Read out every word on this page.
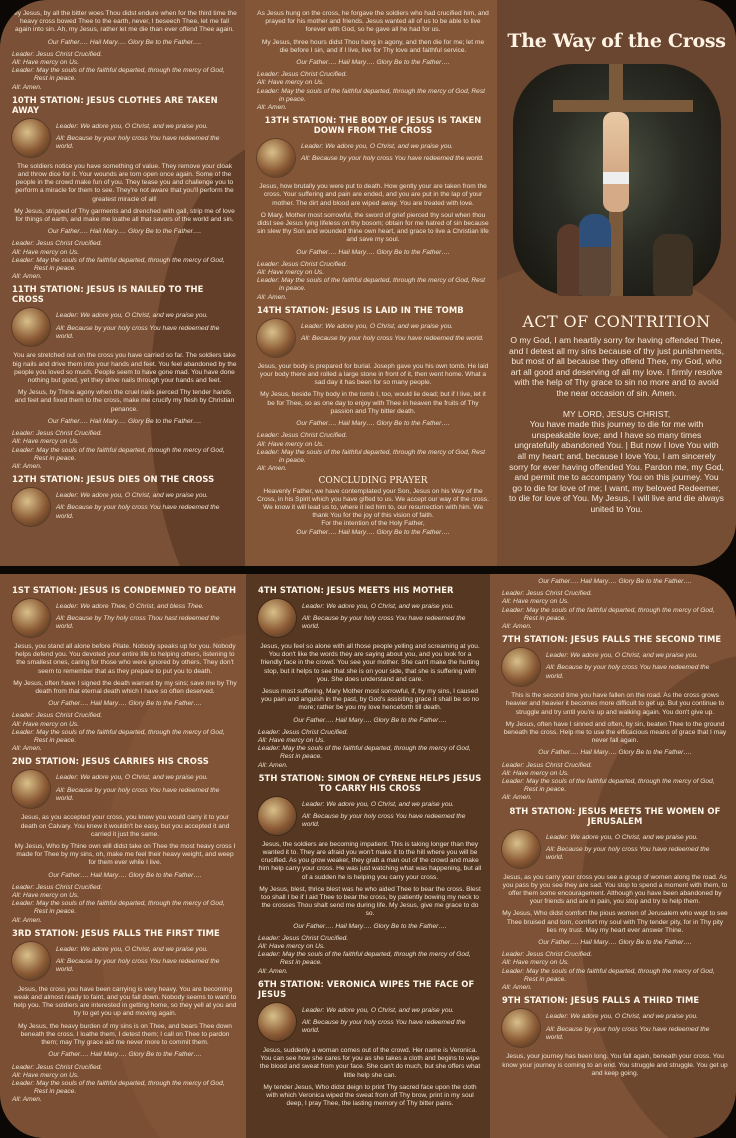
My Jesus, by all the bitter woes Thou didst endure when for the third time the heavy cross bowed Thee to the earth, never, I beseech Thee, let me fall again into sin. Ah, my Jesus, rather let me die than ever offend Thee again.

Our Father…. Hail Mary…. Glory Be to the Father….

Leader: Jesus Christ Crucified.
All: Have mercy on Us.
Leader: May the souls of the faithful departed, through the mercy of God, Rest in peace.
All: Amen.
10TH STATION: JESUS CLOTHES ARE TAKEN AWAY
Leader: We adore you, O Christ, and we praise you.
All: Because by your holy cross You have redeemed the world.

The soldiers notice you have something of value. They remove your cloak and throw dice for it. Your wounds are torn open once again. Some of the people in the crowd make fun of you. They tease you and challenge you to perform a miracle for them to see. They're not aware that you'll perform the greatest miracle of all!

My Jesus, stripped of Thy garments and drenched with gall, strip me of love for things of earth, and make me loathe all that savors of the world and sin.

Our Father…. Hail Mary…. Glory Be to the Father….

Leader: Jesus Christ Crucified.
All: Have mercy on Us.
Leader: May the souls of the faithful departed, through the mercy of God, Rest in peace.
All: Amen.
11TH STATION: JESUS IS NAILED TO THE CROSS
Leader: We adore you, O Christ, and we praise you.
All: Because by your holy cross You have redeemed the world.

You are stretched out on the cross you have carried so far. The soldiers take big nails and drive them into your hands and feet. You feel abandoned by the people you loved so much. People seem to have gone mad. You have done nothing but good, yet they drive nails through your hands and feet.

My Jesus, by Thine agony when the cruel nails pierced Thy tender hands and feet and fixed them to the cross, make me crucify my flesh by Christian penance.

Our Father…. Hail Mary…. Glory Be to the Father….

Leader: Jesus Christ Crucified.
All: Have mercy on Us.
Leader: May the souls of the faithful departed, through the mercy of God, Rest in peace.
All: Amen.
12TH STATION: JESUS DIES ON THE CROSS
Leader: We adore you, O Christ, and we praise you.
All: Because by your holy cross You have redeemed the world.

As Jesus hung on the cross, he forgave the soldiers who had crucified him, and prayed for his mother and friends. Jesus wanted all of us to be able to live forever with God, so he gave all he had for us.

My Jesus, three hours didst Thou hang in agony, and then die for me; let me die before I sin, and if I live, live for Thy love and faithful service.

Our Father…. Hail Mary…. Glory Be to the Father….

Leader: Jesus Christ Crucified.
All: Have mercy on Us.
Leader: May the souls of the faithful departed, through the mercy of God, Rest in peace.
All: Amen.
13TH STATION: THE BODY OF JESUS IS TAKEN DOWN FROM THE CROSS
Leader: We adore you, O Christ, and we praise you.
All: Because by your holy cross You have redeemed the world.

Jesus, how brutally you were put to death. How gently your are taken from the cross. Your suffering and pain are ended, and you are put in the lap of your mother. The dirt and blood are wiped away. You are treated with love.

O Mary, Mother most sorrowful, the sword of grief pierced thy soul when thou didst see Jesus lying lifeless on thy bosom; obtain for me hatred of sin because sin slew thy Son and wounded thine own heart, and grace to live a Christian life and save my soul.

Our Father…. Hail Mary…. Glory Be to the Father….

Leader: Jesus Christ Crucified.
All: Have mercy on Us.
Leader: May the souls of the faithful departed, through the mercy of God, Rest in peace.
All: Amen.
14TH STATION: JESUS IS LAID IN THE TOMB
Leader: We adore you, O Christ, and we praise you.
All: Because by your holy cross You have redeemed the world.

Jesus, your body is prepared for burial. Joseph gave you his own tomb. He laid your body there and rolled a large stone in front of it, then went home. What a sad day it has been for so many people.

My Jesus, beside Thy body in the tomb I, too, would lie dead; but if I live, let it be for Thee, so as one day to enjoy with Thee in heaven the fruits of Thy passion and Thy bitter death.

Our Father…. Hail Mary…. Glory Be to the Father….

Leader: Jesus Christ Crucified.
All: Have mercy on Us.
Leader: May the souls of the faithful departed, through the mercy of God, Rest in peace.
All: Amen.
CONCLUDING PRAYER

Heavenly Father, we have contemplated your Son, Jesus on his Way of the Cross, in his Spirit which you have gifted to us. We accept our way of the cross. We know it will lead us to, where it led him to, our resurrection with him. We thank You for the joy of this vision of faith.

For the intention of the Holy Father,

Our Father…. Hail Mary…. Glory Be to the Father….

The Way of the Cross
ACT OF CONTRITION

O my God, I am heartily sorry for having offended Thee, and I detest all my sins because of thy just punishments, but most of all because they offend Thee, my God, who art all good and deserving of all my love. I firmly resolve with the help of Thy grace to sin no more and to avoid the near occasion of sin. Amen.

MY LORD, JESUS CHRIST,
You have made this journey to die for me with unspeakable love; and I have so many times ungratefully abandoned You. | But now I love You with all my heart; and, because I love You, I am sincerely sorry for ever having offended You. Pardon me, my God, and permit me to accompany You on this journey. You go to die for love of me; I want, my beloved Redeemer, to die for love of You. My Jesus, I will live and die always united to You.
1ST STATION: JESUS IS CONDEMNED TO DEATH
Leader: We adore Thee, O Christ, and bless Thee.
All: Because by Thy holy cross Thou hast redeemed the world.

Jesus, you stand all alone before Pilate. Nobody speaks up for you. Nobody helps defend you. You devoted your entire life to helping others, listening to the smallest ones, caring for those who were ignored by others. They don't seem to remember that as they prepare to put you to death.

My Jesus, often have I signed the death warrant by my sins; save me by Thy death from that eternal death which I have so often deserved.

Our Father…. Hail Mary…. Glory Be to the Father….

Leader: Jesus Christ Crucified.
All: Have mercy on Us.
Leader: May the souls of the faithful departed, through the mercy of God, Rest in peace.
All: Amen.
2ND STATION: JESUS CARRIES HIS CROSS
Leader: We adore you, O Christ, and we praise you.
All: Because by your holy cross You have redeemed the world.

Jesus, as you accepted your cross, you knew you would carry it to your death on Calvary. You knew it wouldn't be easy, but you accepted it and carried it just the same.

My Jesus, Who by Thine own will didst take on Thee the most heavy cross I made for Thee by my sins, oh, make me feel their heavy weight, and weep for them ever while I live.

Our Father…. Hail Mary…. Glory Be to the Father….

Leader: Jesus Christ Crucified.
All: Have mercy on Us.
Leader: May the souls of the faithful departed, through the mercy of God, Rest in peace.
All: Amen.
3RD STATION: JESUS FALLS THE FIRST TIME
Leader: We adore you, O Christ, and we praise you.
All: Because by your holy cross You have redeemed the world.

Jesus, the cross you have been carrying is very heavy. You are becoming weak and almost ready to faint, and you fall down. Nobody seems to want to help you. The soldiers are interested in getting home, so they yell at you and try to get you up and moving again.

My Jesus, the heavy burden of my sins is on Thee, and bears Thee down beneath the cross. I loathe them, I detest them; I call on Thee to pardon them; may Thy grace aid me never more to commit them.

Our Father…. Hail Mary…. Glory Be to the Father….

Leader: Jesus Christ Crucified.
All: Have mercy on Us.
Leader: May the souls of the faithful departed, through the mercy of God, Rest in peace.
All: Amen.
4TH STATION: JESUS MEETS HIS MOTHER
Leader: We adore you, O Christ, and we praise you.
All: Because by your holy cross You have redeemed the world.

Jesus, you feel so alone with all those people yelling and screaming at you. You don't like the words they are saying about you, and you look for a friendly face in the crowd. You see your mother. She can't make the hurting stop, but it helps to see that she is on your side, that she is suffering with you. She does understand and care.

Jesus most suffering, Mary Mother most sorrowful, if, by my sins, I caused you pain and anguish in the past, by God's assisting grace it shall be so no more; rather be you my love henceforth till death.

Our Father…. Hail Mary…. Glory Be to the Father….

Leader: Jesus Christ Crucified.
All: Have mercy on Us.
Leader: May the souls of the faithful departed, through the mercy of God, Rest in peace.
All: Amen.
5TH STATION: SIMON OF CYRENE HELPS JESUS TO CARRY HIS CROSS
Leader: We adore you, O Christ, and we praise you.
All: Because by your holy cross You have redeemed the world.

Jesus, the soldiers are becoming impatient. This is taking longer than they wanted it to. They are afraid you won't make it to the hill where you will be crucified. As you grow weaker, they grab a man out of the crowd and make him help carry your cross. He was just watching what was happening, but all of a sudden he is helping you carry your cross.

My Jesus, blest, thrice blest was he who aided Thee to bear the cross. Blest too shall I be if I aid Thee to bear the cross, by patiently bowing my neck to the crosses Thou shalt send me during life. My Jesus, give me grace to do so.

Our Father…. Hail Mary…. Glory Be to the Father….

Leader: Jesus Christ Crucified.
All: Have mercy on Us.
Leader: May the souls of the faithful departed, through the mercy of God, Rest in peace.
All: Amen.
6TH STATION: VERONICA WIPES THE FACE OF JESUS
Leader: We adore you, O Christ, and we praise you.
All: Because by your holy cross You have redeemed the world.

Jesus, suddenly a woman comes out of the crowd. Her name is Veronica. You can see how she cares for you as she takes a cloth and begins to wipe the blood and sweat from your face. She can't do much, but she offers what little help she can.

My tender Jesus, Who didst deign to print Thy sacred face upon the cloth with which Veronica wiped the sweat from off Thy brow, print in my soul deep, I pray Thee, the lasting memory of Thy bitter pains.

Our Father…. Hail Mary…. Glory Be to the Father….

Leader: Jesus Christ Crucified.
All: Have mercy on Us.
Leader: May the souls of the faithful departed, through the mercy of God, Rest in peace.
All: Amen.
7TH STATION: JESUS FALLS THE SECOND TIME
Leader: We adore you, O Christ, and we praise you.
All: Because by your holy cross You have redeemed the world.

This is the second time you have fallen on the road. As the cross grows heavier and heavier it becomes more difficult to get up. But you continue to struggle and try until you're up and walking again. You don't give up.

My Jesus, often have I sinned and often, by sin, beaten Thee to the ground beneath the cross. Help me to use the efficacious means of grace that I may never fall again.

Our Father…. Hail Mary…. Glory Be to the Father….

Leader: Jesus Christ Crucified.
All: Have mercy on Us.
Leader: May the souls of the faithful departed, through the mercy of God, Rest in peace.
All: Amen.
8TH STATION: JESUS MEETS THE WOMEN OF JERUSALEM
Leader: We adore you, O Christ, and we praise you.
All: Because by your holy cross You have redeemed the world.

Jesus, as you carry your cross you see a group of women along the road. As you pass by you see they are sad. You stop to spend a moment with them, to offer them some encouragement. Although you have been abandoned by your friends and are in pain, you stop and try to help them.

My Jesus, Who didst comfort the pious women of Jerusalem who wept to see Thee bruised and torn, comfort my soul with Thy tender pity, for in Thy pity lies my trust. May my heart ever answer Thine.

Our Father…. Hail Mary…. Glory Be to the Father….

Leader: Jesus Christ Crucified.
All: Have mercy on Us.
Leader: May the souls of the faithful departed, through the mercy of God, Rest in peace.
All: Amen.
9TH STATION: JESUS FALLS A THIRD TIME
Leader: We adore you, O Christ, and we praise you.
All: Because by your holy cross You have redeemed the world.

Jesus, your journey has been long. You fall again, beneath your cross. You know your journey is coming to an end. You struggle and struggle. You get up and keep going.
